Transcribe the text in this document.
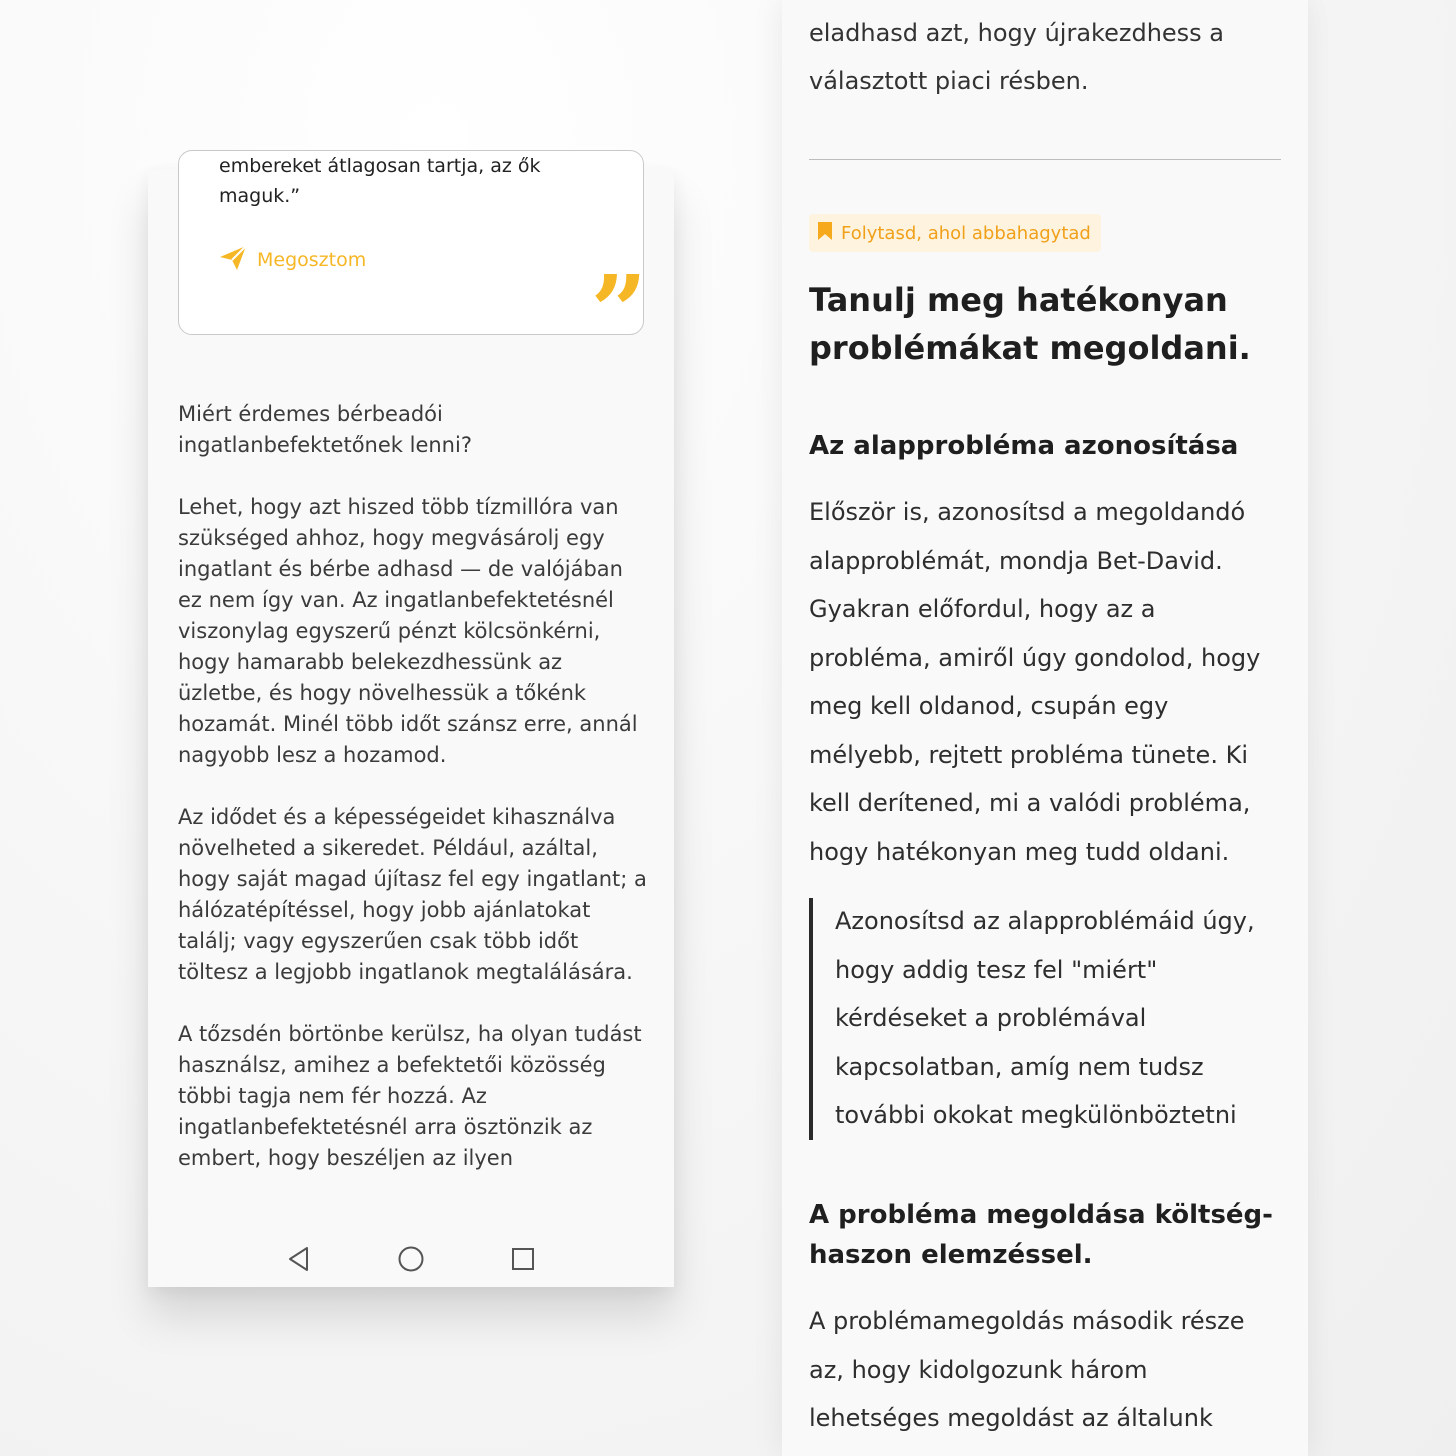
embereket átlagosan tartja, az ők maguk.”
Megosztom ”

Miért érdemes bérbeadói ingatlanbefektetőnek lenni?

Lehet, hogy azt hiszed több tízmillóra van szükséged ahhoz, hogy megvásárolj egy ingatlant és bérbe adhasd — de valójában ez nem így van. Az ingatlanbefektetésnél viszonylag egyszerű pénzt kölcsönkérni, hogy hamarabb belekezdhessünk az üzletbe, és hogy növelhessük a tőkénk hozamát. Minél több időt szánsz erre, annál nagyobb lesz a hozamod.

Az idődet és a képességeidet kihasználva növelheted a sikeredet. Például, azáltal, hogy saját magad újítasz fel egy ingatlant; a hálózatépítéssel, hogy jobb ajánlatokat találj; vagy egyszerűen csak több időt töltesz a legjobb ingatlanok megtalálására.

A tőzsdén börtönbe kerülsz, ha olyan tudást használsz, amihez a befektetői közösség többi tagja nem fér hozzá. Az ingatlanbefektetésnél arra ösztönzik az embert, hogy beszéljen az ilyen

eladhasd azt, hogy újrakezdhess a választott piaci résben.
Folytasd, ahol abbahagytad
Tanulj meg hatékonyan problémákat megoldani.
Az alapprobléma azonosítása
Először is, azonosítsd a megoldandó alapproblémát, mondja Bet-David. Gyakran előfordul, hogy az a probléma, amiről úgy gondolod, hogy meg kell oldanod, csupán egy mélyebb, rejtett probléma tünete. Ki kell derítened, mi a valódi probléma, hogy hatékonyan meg tudd oldani.
Azonosítsd az alapproblémáid úgy, hogy addig tesz fel "miért" kérdéseket a problémával kapcsolatban, amíg nem tudsz további okokat megkülönböztetni
A probléma megoldása költség-haszon elemzéssel.
A problémamegoldás második része az, hogy kidolgozunk három lehetséges megoldást az általunk
